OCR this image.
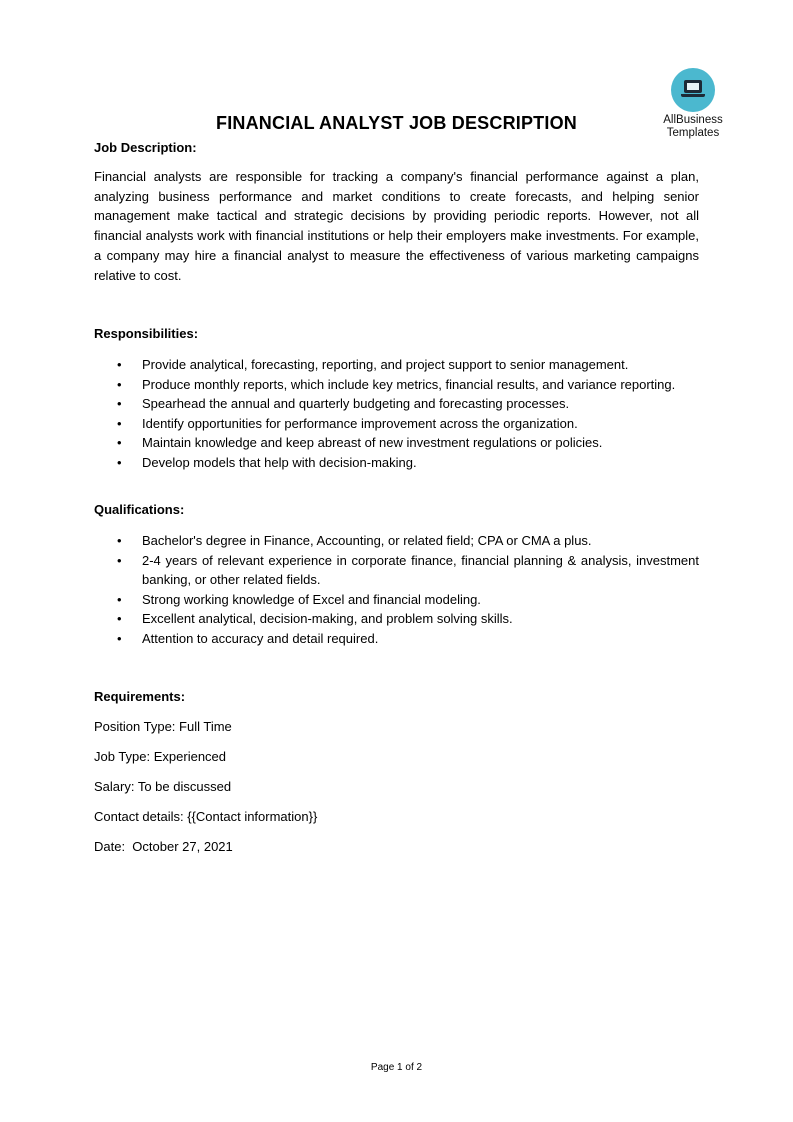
AllBusiness
Templates
FINANCIAL ANALYST JOB DESCRIPTION
Job Description:
Financial analysts are responsible for tracking a company's financial performance against a plan, analyzing business performance and market conditions to create forecasts, and helping senior management make tactical and strategic decisions by providing periodic reports. However, not all financial analysts work with financial institutions or help their employers make investments. For example, a company may hire a financial analyst to measure the effectiveness of various marketing campaigns relative to cost.
Responsibilities:
• Provide analytical, forecasting, reporting, and project support to senior management.
• Produce monthly reports, which include key metrics, financial results, and variance reporting.
• Spearhead the annual and quarterly budgeting and forecasting processes.
• Identify opportunities for performance improvement across the organization.
• Maintain knowledge and keep abreast of new investment regulations or policies.
• Develop models that help with decision-making.
Qualifications:
• Bachelor's degree in Finance, Accounting, or related field; CPA or CMA a plus.
• 2-4 years of relevant experience in corporate finance, financial planning & analysis, investment banking, or other related fields.
• Strong working knowledge of Excel and financial modeling.
• Excellent analytical, decision-making, and problem solving skills.
• Attention to accuracy and detail required.
Requirements:
Position Type: Full Time
Job Type: Experienced
Salary: To be discussed
Contact details: {{Contact information}}
Date:  October 27, 2021
Page 1 of 2
